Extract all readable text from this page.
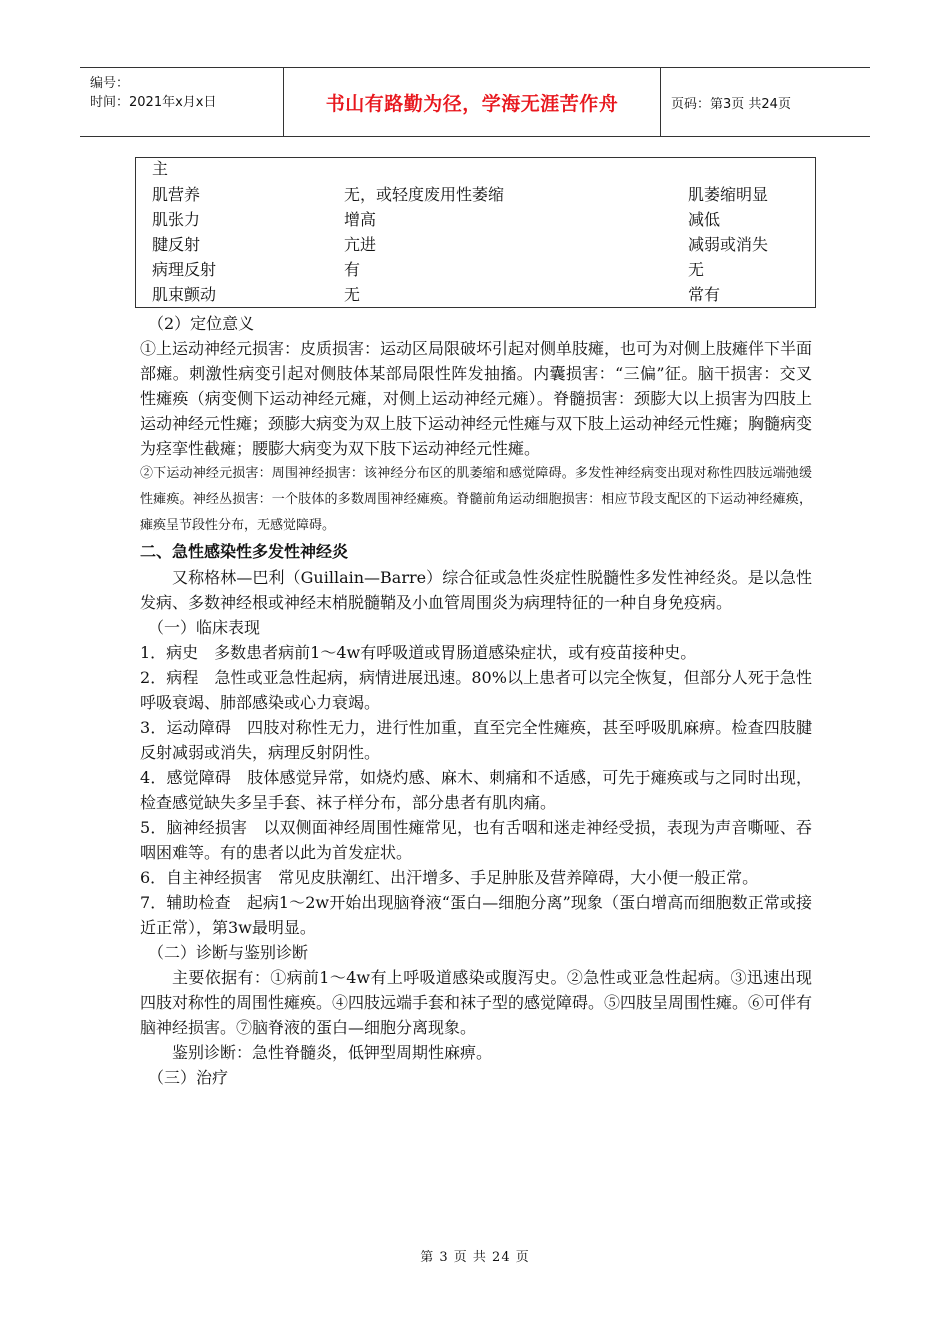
编号：
时间：2021年x月x日	书山有路勤为径，学海无涯苦作舟	页码：第3页 共24页
主
肌营养	无，或轻度废用性萎缩	肌萎缩明显
肌张力	增高	减低
腱反射	亢进	减弱或消失
病理反射	有	无
肌束颤动	无	常有

（2）定位意义

①上运动神经元损害：皮质损害：运动区局限破坏引起对侧单肢瘫，也可为对侧上肢瘫伴下半面部瘫。刺激性病变引起对侧肢体某部局限性阵发抽搐。内囊损害：“三偏”征。脑干损害：交叉性瘫痪（病变侧下运动神经元瘫，对侧上运动神经元瘫）。脊髓损害：颈膨大以上损害为四肢上运动神经元性瘫；颈膨大病变为双上肢下运动神经元性瘫与双下肢上运动神经元性瘫；胸髓病变为痉挛性截瘫；腰膨大病变为双下肢下运动神经元性瘫。

②下运动神经元损害：周围神经损害：该神经分布区的肌萎缩和感觉障碍。多发性神经病变出现对称性四肢远端弛缓性瘫痪。神经丛损害：一个肢体的多数周围神经瘫痪。脊髓前角运动细胞损害：相应节段支配区的下运动神经瘫痪，瘫痪呈节段性分布，无感觉障碍。

二、急性感染性多发性神经炎

又称格林—巴利（Guillain—Barre）综合征或急性炎症性脱髓性多发性神经炎。是以急性发病、多数神经根或神经末梢脱髓鞘及小血管周围炎为病理特征的一种自身免疫病。

（一）临床表现

1．病史　多数患者病前1～4w有呼吸道或胃肠道感染症状，或有疫苗接种史。

2．病程　急性或亚急性起病，病情进展迅速。80%以上患者可以完全恢复，但部分人死于急性呼吸衰竭、肺部感染或心力衰竭。

3．运动障碍　四肢对称性无力，进行性加重，直至完全性瘫痪，甚至呼吸肌麻痹。检查四肢腱反射减弱或消失，病理反射阴性。

4．感觉障碍　肢体感觉异常，如烧灼感、麻木、刺痛和不适感，可先于瘫痪或与之同时出现，检查感觉缺失多呈手套、袜子样分布，部分患者有肌肉痛。

5．脑神经损害　以双侧面神经周围性瘫常见，也有舌咽和迷走神经受损，表现为声音嘶哑、吞咽困难等。有的患者以此为首发症状。

6．自主神经损害　常见皮肤潮红、出汗增多、手足肿胀及营养障碍，大小便一般正常。

7．辅助检查　起病1～2w开始出现脑脊液“蛋白—细胞分离”现象（蛋白增高而细胞数正常或接近正常），第3w最明显。

（二）诊断与鉴别诊断

主要依据有：①病前1～4w有上呼吸道感染或腹泻史。②急性或亚急性起病。③迅速出现四肢对称性的周围性瘫痪。④四肢远端手套和袜子型的感觉障碍。⑤四肢呈周围性瘫。⑥可伴有脑神经损害。⑦脑脊液的蛋白—细胞分离现象。

鉴别诊断：急性脊髓炎，低钾型周期性麻痹。

（三）治疗

第 3 页 共 24 页
